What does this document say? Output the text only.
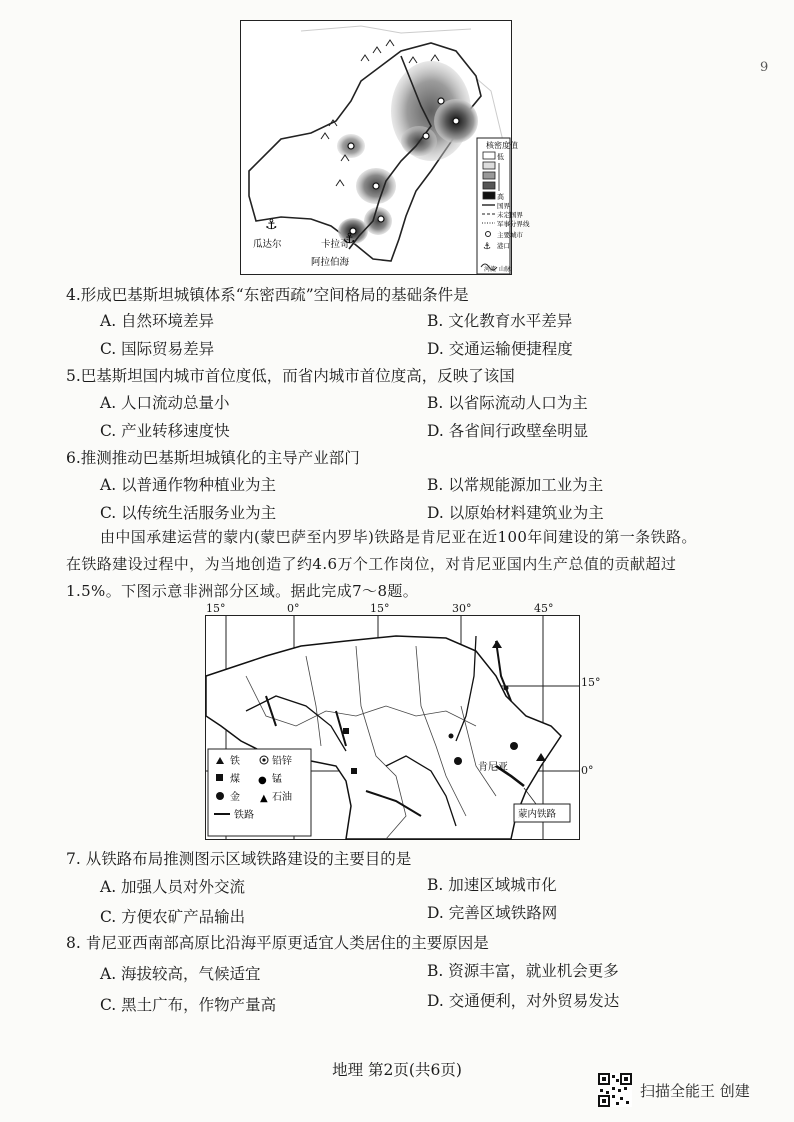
9
⚓
⚓
瓜达尔	卡拉奇
阿拉伯海
核密度值
低
高
国界
未定国界
军事分界线
主要城市
⚓ 港口
河流 山脉
4.形成巴基斯坦城镇体系“东密西疏”空间格局的基础条件是
A. 自然环境差异	B. 文化教育水平差异
C. 国际贸易差异	D. 交通运输便捷程度
5.巴基斯坦国内城市首位度低，而省内城市首位度高，反映了该国
A. 人口流动总量小	B. 以省际流动人口为主
C. 产业转移速度快	D. 各省间行政壁垒明显
6.推测推动巴基斯坦城镇化的主导产业部门
A. 以普通作物种植业为主	B. 以常规能源加工业为主
C. 以传统生活服务业为主	D. 以原始材料建筑业为主
由中国承建运营的蒙内(蒙巴萨至内罗毕)铁路是肯尼亚在近100年间建设的第一条铁路。
在铁路建设过程中，为当地创造了约4.6万个工作岗位，对肯尼亚国内生产总值的贡献超过
1.5%。下图示意非洲部分区域。据此完成7～8题。
肯尼亚
蒙内铁路
铁	铅锌
煤 ● 锰
金 ▲ 石油
铁路
15°	0°	15°	30°	45°
15°
0°
7. 从铁路布局推测图示区域铁路建设的主要目的是
A. 加强人员对外交流	B. 加速区域城市化
C. 方便农矿产品输出	D. 完善区域铁路网
8. 肯尼亚西南部高原比沿海平原更适宜人类居住的主要原因是
A. 海拔较高，气候适宜	B. 资源丰富，就业机会更多
C. 黑土广布，作物产量高	D. 交通便利，对外贸易发达
地理 第2页(共6页)
扫描全能王 创建
